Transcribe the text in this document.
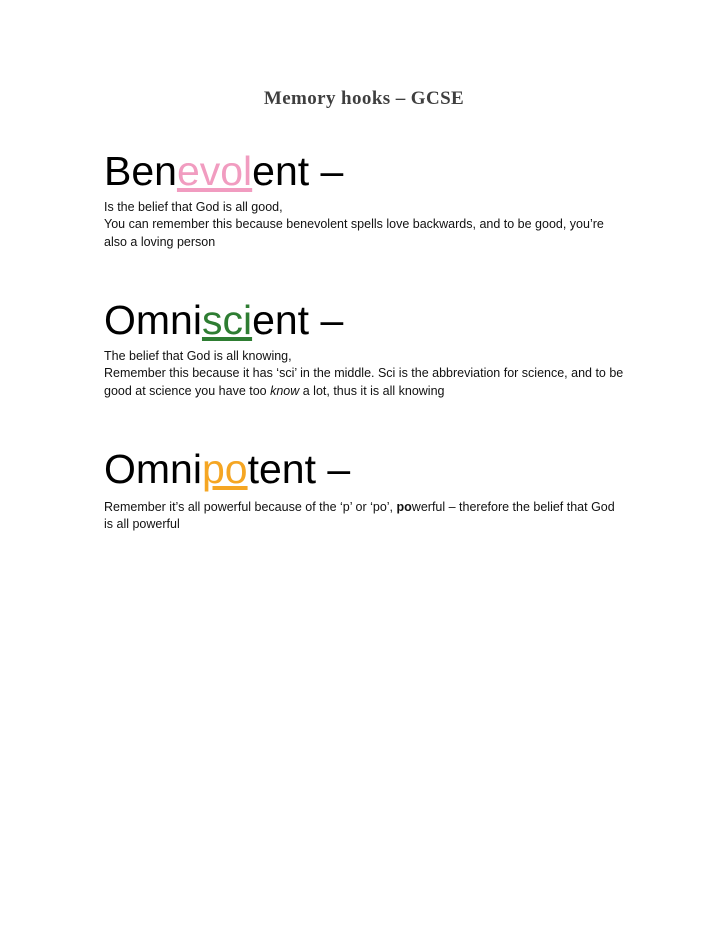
Memory hooks – GCSE
Benevolent –

Is the belief that God is all good,
You can remember this because benevolent spells love backwards, and to be good, you’re also a loving person

Omniscient –

The belief that God is all knowing,
Remember this because it has ‘sci’ in the middle. Sci is the abbreviation for science, and to be good at science you have too know a lot, thus it is all knowing

Omnipotent –

Remember it’s all powerful because of the ‘p’ or ‘po’, powerful – therefore the belief that God is all powerful
